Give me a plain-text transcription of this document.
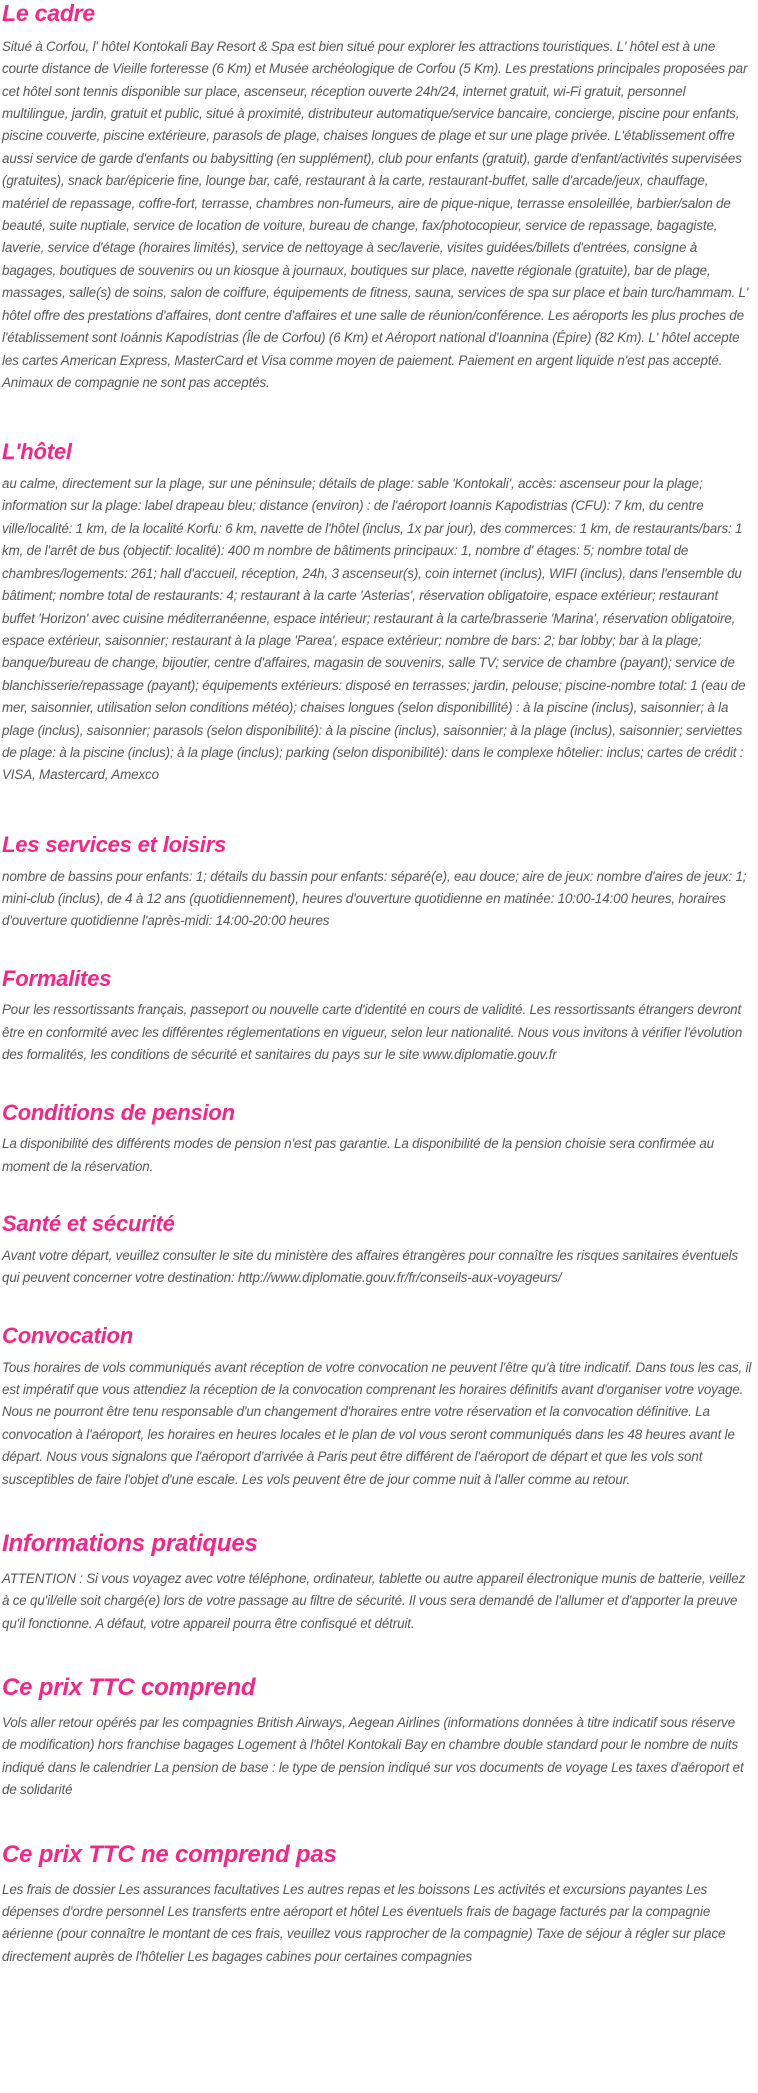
Le cadre

Situé à Corfou, l' hôtel Kontokali Bay Resort & Spa est bien situé pour explorer les attractions touristiques. L' hôtel est à une courte distance de Vieille forteresse (6 Km) et Musée archéologique de Corfou (5 Km). Les prestations principales proposées par cet hôtel sont tennis disponible sur place, ascenseur, réception ouverte 24h/24, internet gratuit, wi-Fi gratuit, personnel multilingue, jardin, gratuit et public, situé à proximité, distributeur automatique/service bancaire, concierge, piscine pour enfants, piscine couverte, piscine extérieure, parasols de plage, chaises longues de plage et sur une plage privée. L'établissement offre aussi service de garde d'enfants ou babysitting (en supplément), club pour enfants (gratuit), garde d'enfant/activités supervisées (gratuites), snack bar/épicerie fine, lounge bar, café, restaurant à la carte, restaurant-buffet, salle d'arcade/jeux, chauffage, matériel de repassage, coffre-fort, terrasse, chambres non-fumeurs, aire de pique-nique, terrasse ensoleillée, barbier/salon de beauté, suite nuptiale, service de location de voiture, bureau de change, fax/photocopieur, service de repassage, bagagiste, laverie, service d'étage (horaires limités), service de nettoyage à sec/laverie, visites guidées/billets d'entrées, consigne à bagages, boutiques de souvenirs ou un kiosque à journaux, boutiques sur place, navette régionale (gratuite), bar de plage, massages, salle(s) de soins, salon de coiffure, équipements de fitness, sauna, services de spa sur place et bain turc/hammam. L' hôtel offre des prestations d'affaires, dont centre d'affaires et une salle de réunion/conférence. Les aéroports les plus proches de l'établissement sont Ioánnis Kapodístrias (Île de Corfou) (6 Km) et Aéroport national d'Ioannina (Épire) (82 Km). L' hôtel accepte les cartes American Express, MasterCard et Visa comme moyen de paiement. Paiement en argent liquide n'est pas accepté. Animaux de compagnie ne sont pas acceptés.

L'hôtel

au calme, directement sur la plage, sur une péninsule; détails de plage: sable 'Kontokali', accès: ascenseur pour la plage; information sur la plage: label drapeau bleu; distance (environ) : de l'aéroport Ioannis Kapodistrias (CFU): 7 km, du centre ville/localité: 1 km, de la localité Korfu: 6 km, navette de l'hôtel (inclus, 1x par jour), des commerces: 1 km, de restaurants/bars: 1 km, de l'arrêt de bus (objectif: localité): 400 m nombre de bâtiments principaux: 1, nombre d' étages: 5; nombre total de chambres/logements: 261; hall d'accueil, réception, 24h, 3 ascenseur(s), coin internet (inclus), WIFI (inclus), dans l'ensemble du bâtiment; nombre total de restaurants: 4; restaurant à la carte 'Asterias', réservation obligatoire, espace extérieur; restaurant buffet 'Horizon' avec cuisine méditerranéenne, espace intérieur; restaurant à la carte/brasserie 'Marina', réservation obligatoire, espace extérieur, saisonnier; restaurant à la plage 'Parea', espace extérieur; nombre de bars: 2; bar lobby; bar à la plage; banque/bureau de change, bijoutier, centre d'affaires, magasin de souvenirs, salle TV; service de chambre (payant); service de blanchisserie/repassage (payant); équipements extérieurs: disposé en terrasses; jardin, pelouse; piscine-nombre total: 1 (eau de mer, saisonnier, utilisation selon conditions météo); chaises longues (selon disponibillité) : à la piscine (inclus), saisonnier; à la plage (inclus), saisonnier; parasols (selon disponibilité): à la piscine (inclus), saisonnier; à la plage (inclus), saisonnier; serviettes de plage: à la piscine (inclus); à la plage (inclus); parking (selon disponibilité): dans le complexe hôtelier: inclus; cartes de crédit : VISA, Mastercard, Amexco

Les services et loisirs

nombre de bassins pour enfants: 1; détails du bassin pour enfants: séparé(e), eau douce; aire de jeux: nombre d'aires de jeux: 1; mini-club (inclus), de 4 à 12 ans (quotidiennement), heures d'ouverture quotidienne en matinée: 10:00-14:00 heures, horaires d'ouverture quotidienne l'après-midi: 14:00-20:00 heures

Formalites

Pour les ressortissants français, passeport ou nouvelle carte d'identité en cours de validité. Les ressortissants étrangers devront être en conformité avec les différentes réglementations en vigueur, selon leur nationalité. Nous vous invitons à vérifier l'évolution des formalités, les conditions de sécurité et sanitaires du pays sur le site www.diplomatie.gouv.fr

Conditions de pension

La disponibilité des différents modes de pension n'est pas garantie. La disponibilité de la pension choisie sera confirmée au moment de la réservation.

Santé et sécurité

Avant votre départ, veuillez consulter le site du ministère des affaires étrangères pour connaître les risques sanitaires éventuels qui peuvent concerner votre destination: http://www.diplomatie.gouv.fr/fr/conseils-aux-voyageurs/

Convocation

Tous horaires de vols communiqués avant réception de votre convocation ne peuvent l'être qu'à titre indicatif. Dans tous les cas, il est impératif que vous attendiez la réception de la convocation comprenant les horaires définitifs avant d'organiser votre voyage. Nous ne pourront être tenu responsable d'un changement d'horaires entre votre réservation et la convocation définitive. La convocation à l'aéroport, les horaires en heures locales et le plan de vol vous seront communiqués dans les 48 heures avant le départ. Nous vous signalons que l'aéroport d'arrivée à Paris peut être différent de l'aéroport de départ et que les vols sont susceptibles de faire l'objet d'une escale. Les vols peuvent être de jour comme nuit à l'aller comme au retour.

Informations pratiques

ATTENTION : Si vous voyagez avec votre téléphone, ordinateur, tablette ou autre appareil électronique munis de batterie, veillez à ce qu'il/elle soit chargé(e) lors de votre passage au filtre de sécurité. Il vous sera demandé de l'allumer et d'apporter la preuve qu'il fonctionne. A défaut, votre appareil pourra être confisqué et détruit.

Ce prix TTC comprend

Vols aller retour opérés par les compagnies British Airways, Aegean Airlines (informations données à titre indicatif sous réserve de modification) hors franchise bagages Logement à l'hôtel Kontokali Bay en chambre double standard pour le nombre de nuits indiqué dans le calendrier La pension de base : le type de pension indiqué sur vos documents de voyage Les taxes d'aéroport et de solidarité

Ce prix TTC ne comprend pas

Les frais de dossier Les assurances facultatives Les autres repas et les boissons Les activités et excursions payantes Les dépenses d'ordre personnel Les transferts entre aéroport et hôtel Les éventuels frais de bagage facturés par la compagnie aérienne (pour connaître le montant de ces frais, veuillez vous rapprocher de la compagnie) Taxe de séjour à régler sur place directement auprès de l'hôtelier Les bagages cabines pour certaines compagnies
